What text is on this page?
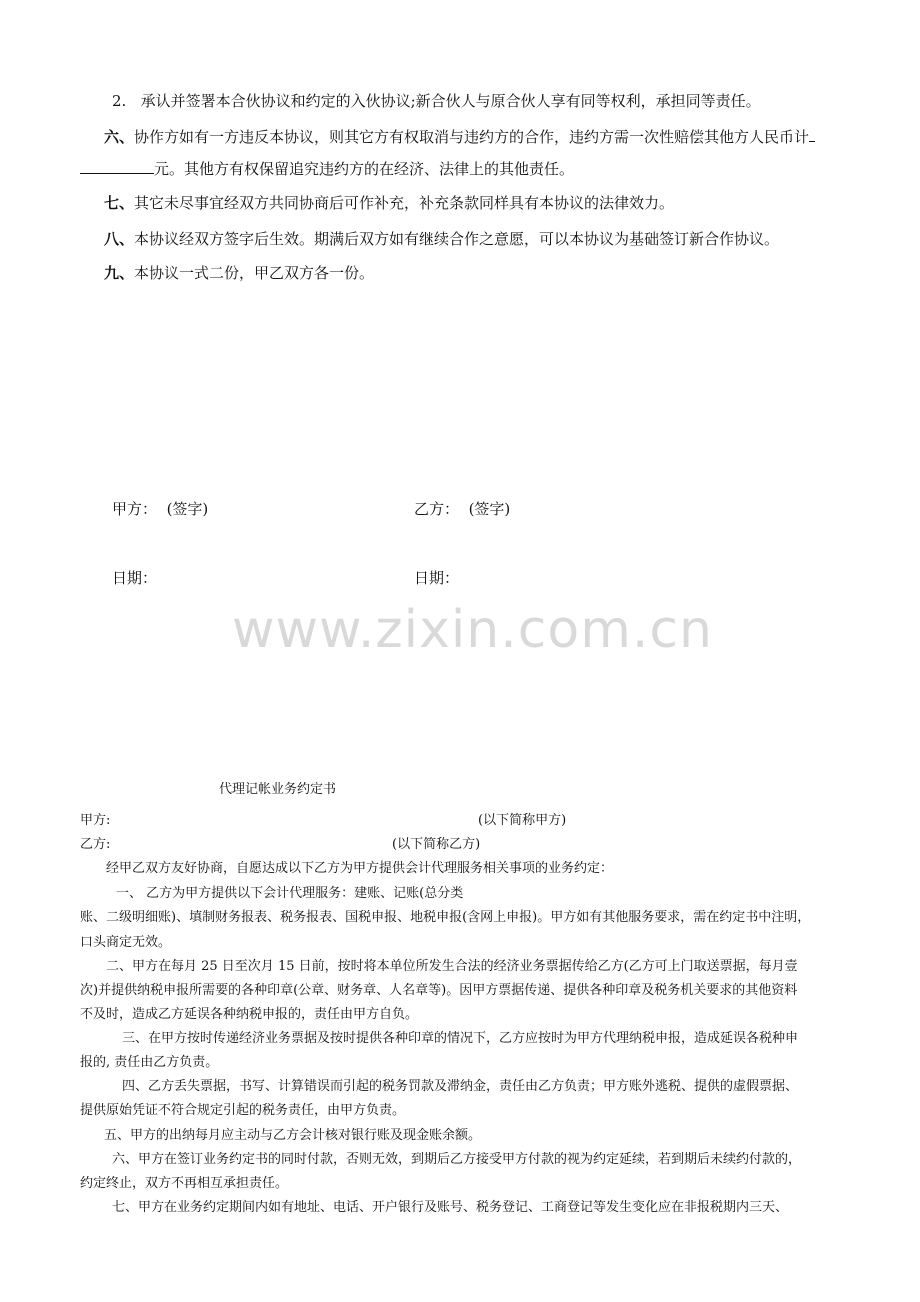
2. 承认并签署本合伙协议和约定的入伙协议;新合伙人与原合伙人享有同等权利，承担同等责任。
六、协作方如有一方违反本协议，则其它方有权取消与违约方的合作，违约方需一次性赔偿其他方人民币计
元。其他方有权保留追究违约方的在经济、法律上的其他责任。
七、其它未尽事宜经双方共同协商后可作补充，补充条款同样具有本协议的法律效力。
八、本协议经双方签字后生效。期满后双方如有继续合作之意愿，可以本协议为基础签订新合作协议。
九、本协议一式二份，甲乙双方各一份。
甲方： (签字)	乙方： (签字)
日期：	日期：
www.zixin.com.cn
代理记帐业务约定书
甲方:	(以下简称甲方)
乙方:	(以下简称乙方)
经甲乙双方友好协商，自愿达成以下乙方为甲方提供会计代理服务相关事项的业务约定：
一、 乙方为甲方提供以下会计代理服务：建账、记账(总分类
账、二级明细账)、填制财务报表、税务报表、国税申报、地税申报(含网上申报)。甲方如有其他服务要求，需在约定书中注明，
口头商定无效。
二、甲方在每月 25 日至次月 15 日前，按时将本单位所发生合法的经济业务票据传给乙方(乙方可上门取送票据，每月壹
次)并提供纳税申报所需要的各种印章(公章、财务章、人名章等)。因甲方票据传递、提供各种印章及税务机关要求的其他资料
不及时，造成乙方延误各种纳税申报的，责任由甲方自负。
三、在甲方按时传递经济业务票据及按时提供各种印章的情况下，乙方应按时为甲方代理纳税申报，造成延误各税种申
报的, 责任由乙方负责。
四、乙方丢失票据，书写、计算错误而引起的税务罚款及滞纳金，责任由乙方负责；甲方账外逃税、提供的虚假票据、
提供原始凭证不符合规定引起的税务责任，由甲方负责。
五、甲方的出纳每月应主动与乙方会计核对银行账及现金账余额。
六、甲方在签订业务约定书的同时付款，否则无效，到期后乙方接受甲方付款的视为约定延续，若到期后未续约付款的，
约定终止，双方不再相互承担责任。
七、甲方在业务约定期间内如有地址、电话、开户银行及账号、税务登记、工商登记等发生变化应在非报税期内三天、
